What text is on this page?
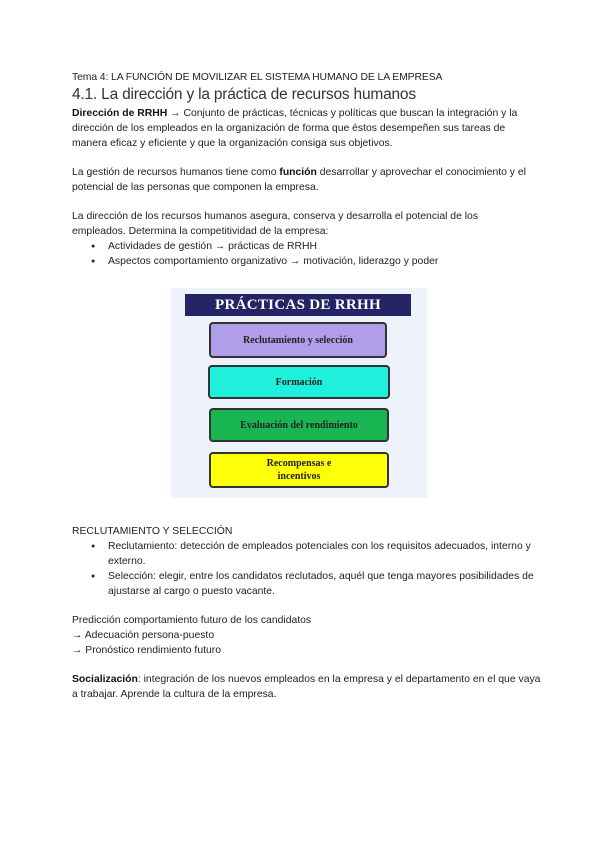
Tema 4: LA FUNCIÓN DE MOVILIZAR EL SISTEMA HUMANO DE LA EMPRESA

4.1. La dirección y la práctica de recursos humanos

Dirección de RRHH → Conjunto de prácticas, técnicas y políticas que buscan la integración y la dirección de los empleados en la organización de forma que éstos desempeñen sus tareas de manera eficaz y eficiente y que la organización consiga sus objetivos.

La gestión de recursos humanos tiene como función desarrollar y aprovechar el conocimiento y el potencial de las personas que componen la empresa.

La dirección de los recursos humanos asegura, conserva y desarrolla el potencial de los empleados. Determina la competitividad de la empresa:

● Actividades de gestión → prácticas de RRHH
● Aspectos comportamiento organizativo → motivación, liderazgo y poder
PRÁCTICAS DE RRHH
Reclutamiento y selección
Formación
Evaluación del rendimiento
Recompensas e incentivos

RECLUTAMIENTO Y SELECCIÓN

● Reclutamiento: detección de empleados potenciales con los requisitos adecuados, interno y externo.
● Selección: elegir, entre los candidatos reclutados, aquél que tenga mayores posibilidades de ajustarse al cargo o puesto vacante.

Predicción comportamiento futuro de los candidatos

→ Adecuación persona-puesto

→ Pronóstico rendimiento futuro

Socialización: integración de los nuevos empleados en la empresa y el departamento en el que vaya a trabajar. Aprende la cultura de la empresa.
